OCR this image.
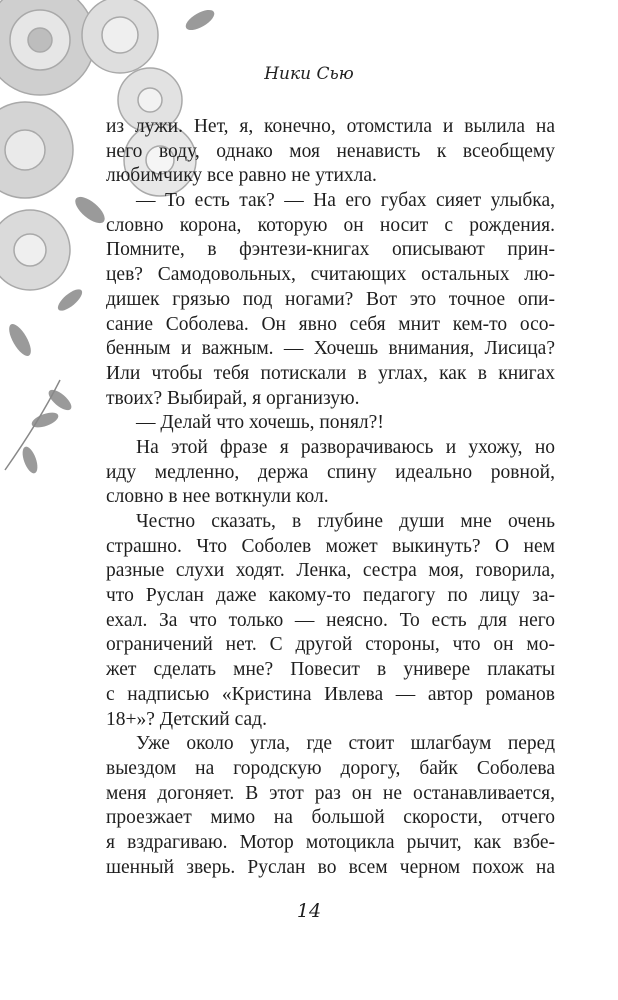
Ники Сью
из лужи. Нет, я, конечно, отомстила и вылила на
него воду, однако моя ненависть к всеобщему
любимчику все равно не утихла.
— То есть так? — На его губах сияет улыбка,
словно корона, которую он носит с рождения.
Помните, в фэнтези-книгах описывают прин-
цев? Самодовольных, считающих остальных лю-
дишек грязью под ногами? Вот это точное опи-
сание Соболева. Он явно себя мнит кем-то осо-
бенным и важным. — Хочешь внимания, Лисица?
Или чтобы тебя потискали в углах, как в книгах
твоих? Выбирай, я организую.
— Делай что хочешь, понял?!
На этой фразе я разворачиваюсь и ухожу, но
иду медленно, держа спину идеально ровной,
словно в нее воткнули кол.
Честно сказать, в глубине души мне очень
страшно. Что Соболев может выкинуть? О нем
разные слухи ходят. Ленка, сестра моя, говорила,
что Руслан даже какому-то педагогу по лицу за-
ехал. За что только — неясно. То есть для него
ограничений нет. С другой стороны, что он мо-
жет сделать мне? Повесит в универе плакаты
с надписью «Кристина Ивлева — автор романов
18+»? Детский сад.
Уже около угла, где стоит шлагбаум перед
выездом на городскую дорогу, байк Соболева
меня догоняет. В этот раз он не останавливается,
проезжает мимо на большой скорости, отчего
я вздрагиваю. Мотор мотоцикла рычит, как взбе-
шенный зверь. Руслан во всем черном похож на
14
